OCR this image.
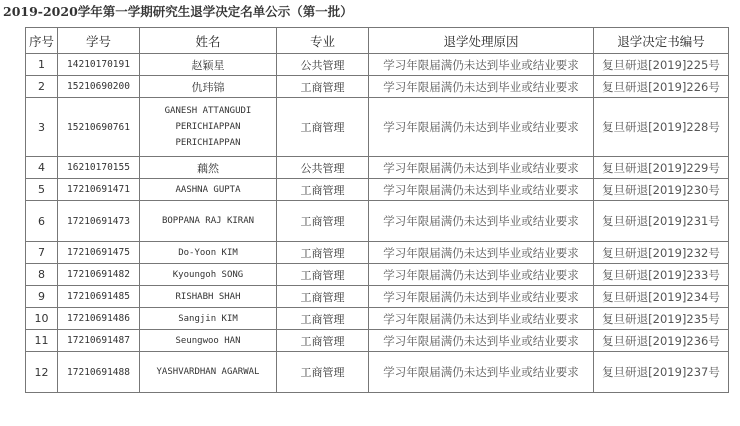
2019-2020学年第一学期研究生退学决定名单公示（第一批）
序号	学号	姓名	专业	退学处理原因	退学决定书编号
1	14210170191	赵颖星	公共管理	学习年限届满仍未达到毕业或结业要求	复旦研退[2019]225号
2	15210690200	仇玮锦	工商管理	学习年限届满仍未达到毕业或结业要求	复旦研退[2019]226号
3	15210690761	GANESH ATTANGUDI PERICHIAPPAN PERICHIAPPAN	工商管理	学习年限届满仍未达到毕业或结业要求	复旦研退[2019]228号
4	16210170155	藕然	公共管理	学习年限届满仍未达到毕业或结业要求	复旦研退[2019]229号
5	17210691471	AASHNA GUPTA	工商管理	学习年限届满仍未达到毕业或结业要求	复旦研退[2019]230号
6	17210691473	BOPPANA RAJ KIRAN	工商管理	学习年限届满仍未达到毕业或结业要求	复旦研退[2019]231号
7	17210691475	Do-Yoon KIM	工商管理	学习年限届满仍未达到毕业或结业要求	复旦研退[2019]232号
8	17210691482	Kyoungoh SONG	工商管理	学习年限届满仍未达到毕业或结业要求	复旦研退[2019]233号
9	17210691485	RISHABH SHAH	工商管理	学习年限届满仍未达到毕业或结业要求	复旦研退[2019]234号
10	17210691486	Sangjin KIM	工商管理	学习年限届满仍未达到毕业或结业要求	复旦研退[2019]235号
11	17210691487	Seungwoo HAN	工商管理	学习年限届满仍未达到毕业或结业要求	复旦研退[2019]236号
12	17210691488	YASHVARDHAN AGARWAL	工商管理	学习年限届满仍未达到毕业或结业要求	复旦研退[2019]237号
